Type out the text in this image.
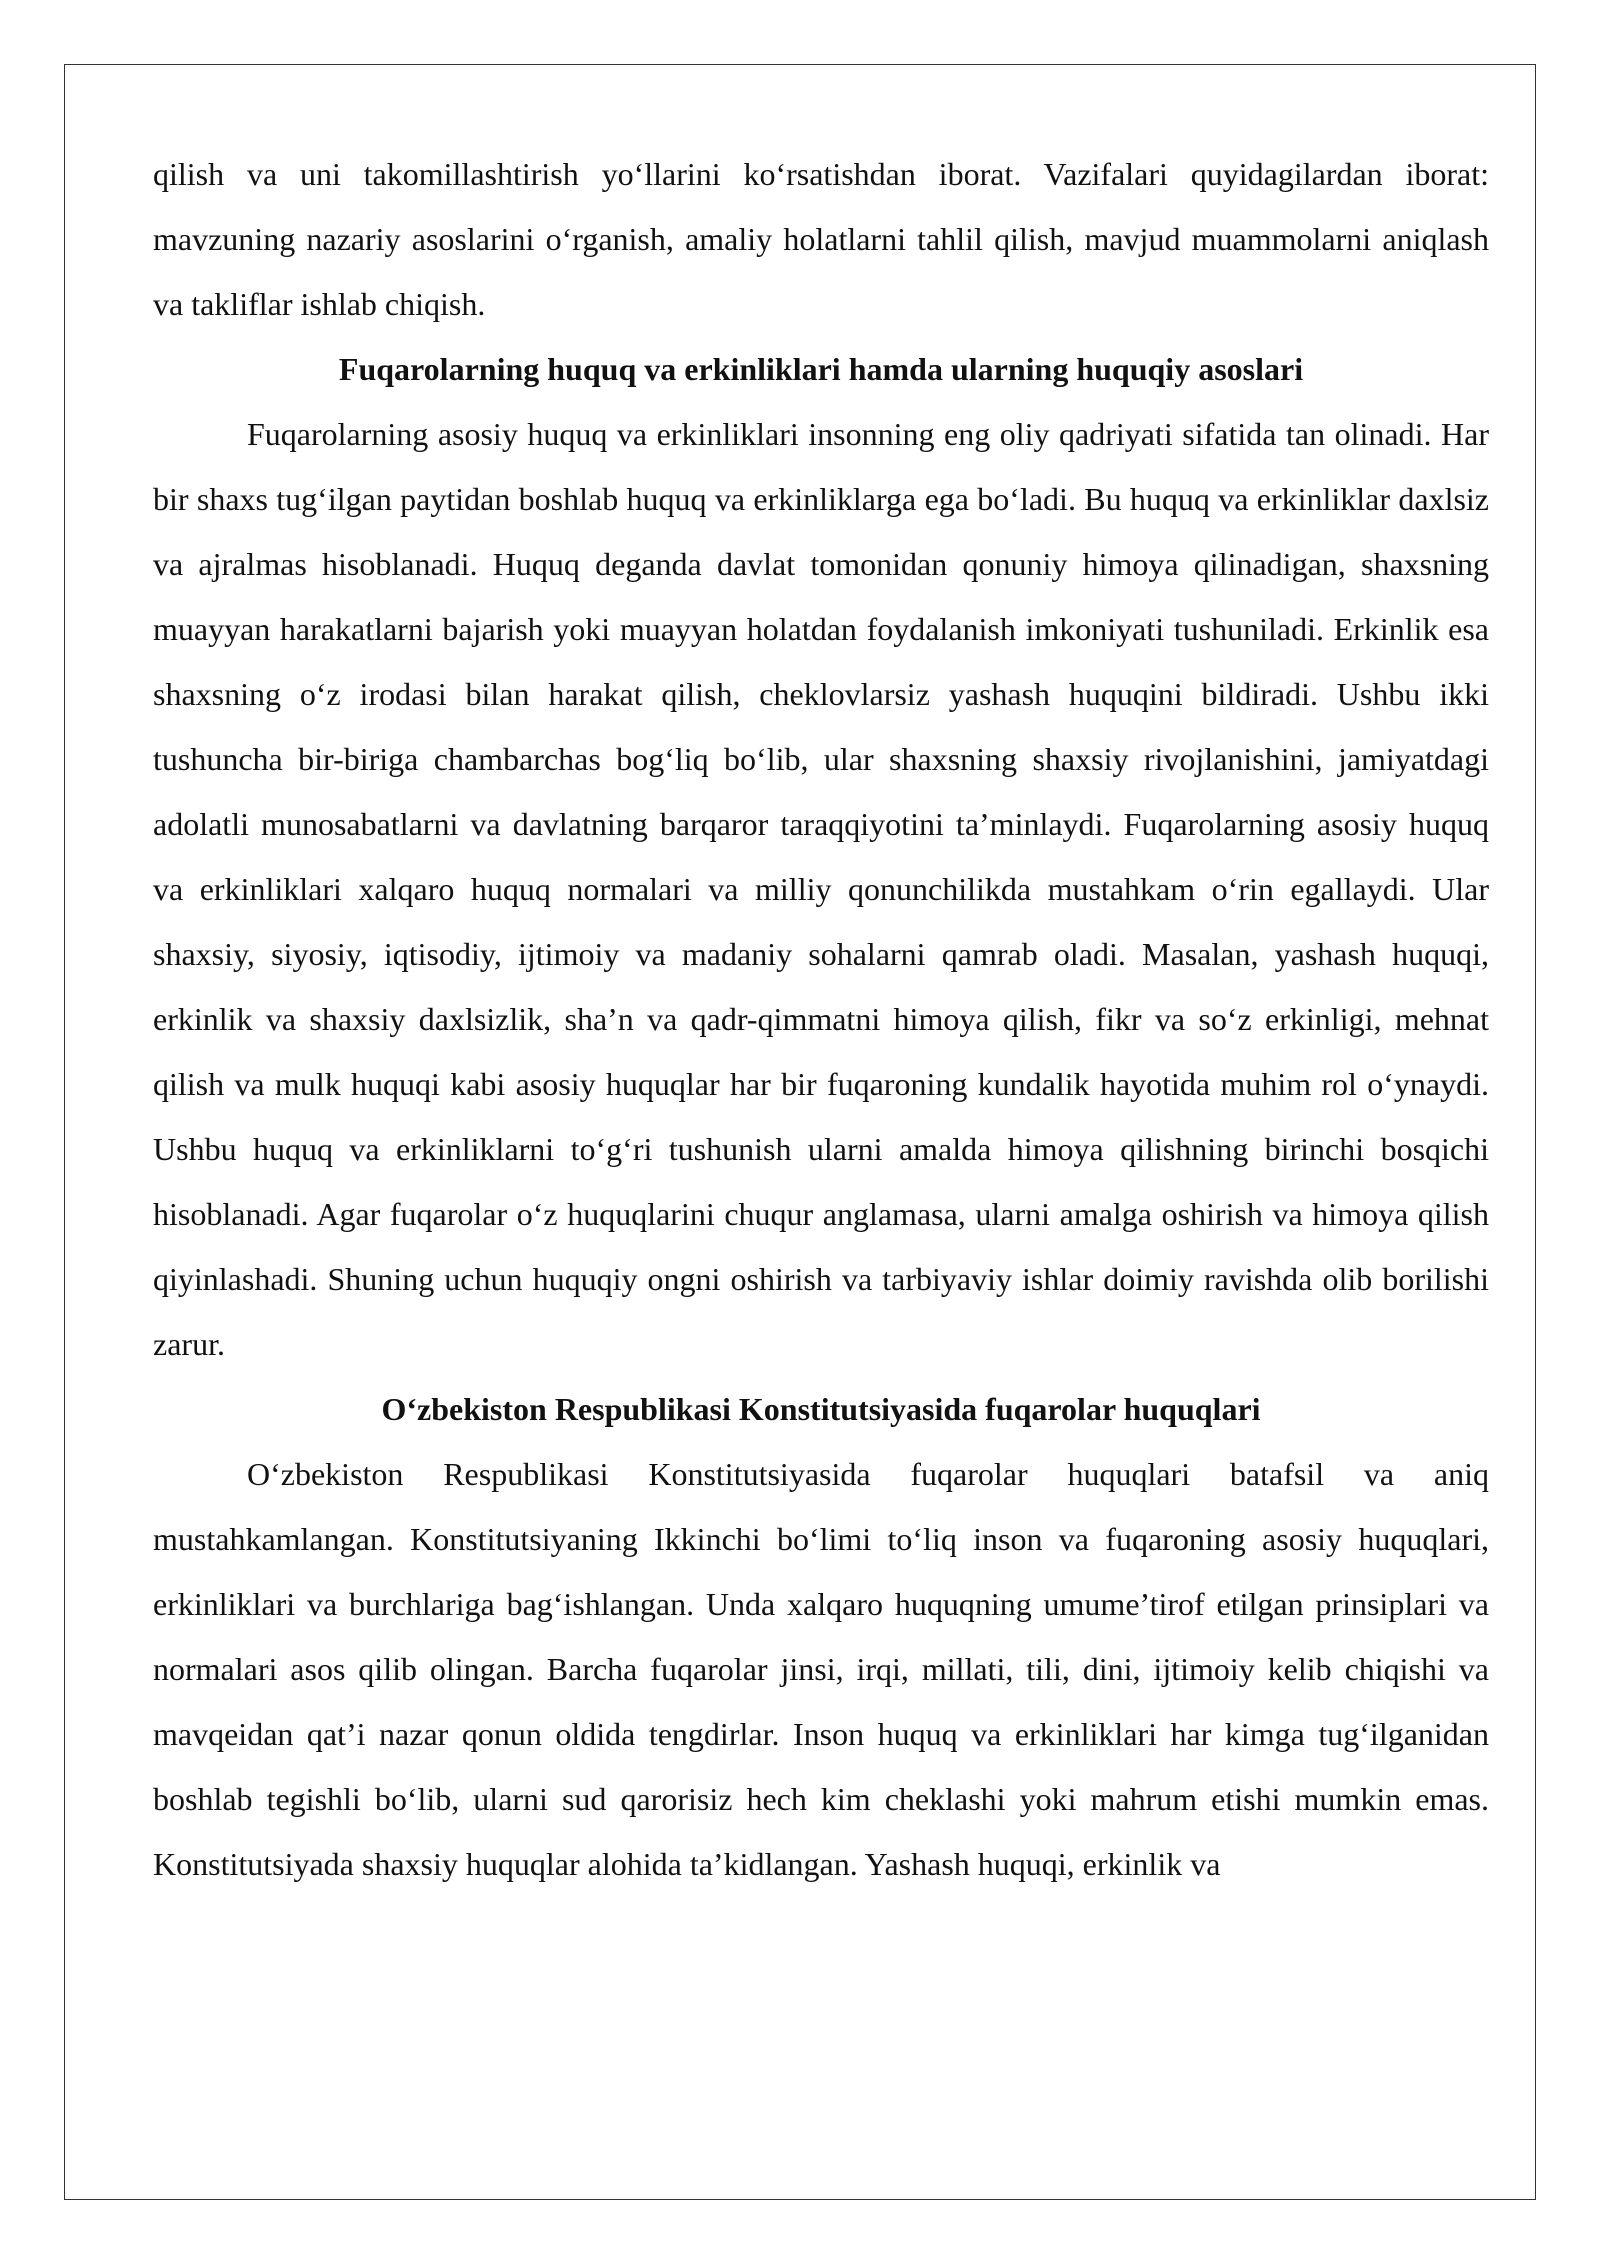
qilish va uni takomillashtirish yo‘llarini ko‘rsatishdan iborat. Vazifalari quyidagilardan iborat: mavzuning nazariy asoslarini o‘rganish, amaliy holatlarni tahlil qilish, mavjud muammolarni aniqlash va takliflar ishlab chiqish.

Fuqarolarning huquq va erkinliklari hamda ularning huquqiy asoslari

Fuqarolarning asosiy huquq va erkinliklari insonning eng oliy qadriyati sifatida tan olinadi. Har bir shaxs tug‘ilgan paytidan boshlab huquq va erkinliklarga ega bo‘ladi. Bu huquq va erkinliklar daxlsiz va ajralmas hisoblanadi. Huquq deganda davlat tomonidan qonuniy himoya qilinadigan, shaxsning muayyan harakatlarni bajarish yoki muayyan holatdan foydalanish imkoniyati tushuniladi. Erkinlik esa shaxsning o‘z irodasi bilan harakat qilish, cheklovlarsiz yashash huquqini bildiradi. Ushbu ikki tushuncha bir-biriga chambarchas bog‘liq bo‘lib, ular shaxsning shaxsiy rivojlanishini, jamiyatdagi adolatli munosabatlarni va davlatning barqaror taraqqiyotini ta’minlaydi. Fuqarolarning asosiy huquq va erkinliklari xalqaro huquq normalari va milliy qonunchilikda mustahkam o‘rin egallaydi. Ular shaxsiy, siyosiy, iqtisodiy, ijtimoiy va madaniy sohalarni qamrab oladi. Masalan, yashash huquqi, erkinlik va shaxsiy daxlsizlik, sha’n va qadr-qimmatni himoya qilish, fikr va so‘z erkinligi, mehnat qilish va mulk huquqi kabi asosiy huquqlar har bir fuqaroning kundalik hayotida muhim rol o‘ynaydi. Ushbu huquq va erkinliklarni to‘g‘ri tushunish ularni amalda himoya qilishning birinchi bosqichi hisoblanadi. Agar fuqarolar o‘z huquqlarini chuqur anglamasa, ularni amalga oshirish va himoya qilish qiyinlashadi. Shuning uchun huquqiy ongni oshirish va tarbiyaviy ishlar doimiy ravishda olib borilishi zarur.

O‘zbekiston Respublikasi Konstitutsiyasida fuqarolar huquqlari

O‘zbekiston Respublikasi Konstitutsiyasida fuqarolar huquqlari batafsil va aniq mustahkamlangan. Konstitutsiyaning Ikkinchi bo‘limi to‘liq inson va fuqaroning asosiy huquqlari, erkinliklari va burchlariga bag‘ishlangan. Unda xalqaro huquqning umume’tirof etilgan prinsiplari va normalari asos qilib olingan. Barcha fuqarolar jinsi, irqi, millati, tili, dini, ijtimoiy kelib chiqishi va mavqeidan qat’i nazar qonun oldida tengdirlar. Inson huquq va erkinliklari har kimga tug‘ilganidan boshlab tegishli bo‘lib, ularni sud qarorisiz hech kim cheklashi yoki mahrum etishi mumkin emas. Konstitutsiyada shaxsiy huquqlar alohida ta’kidlangan. Yashash huquqi, erkinlik va
